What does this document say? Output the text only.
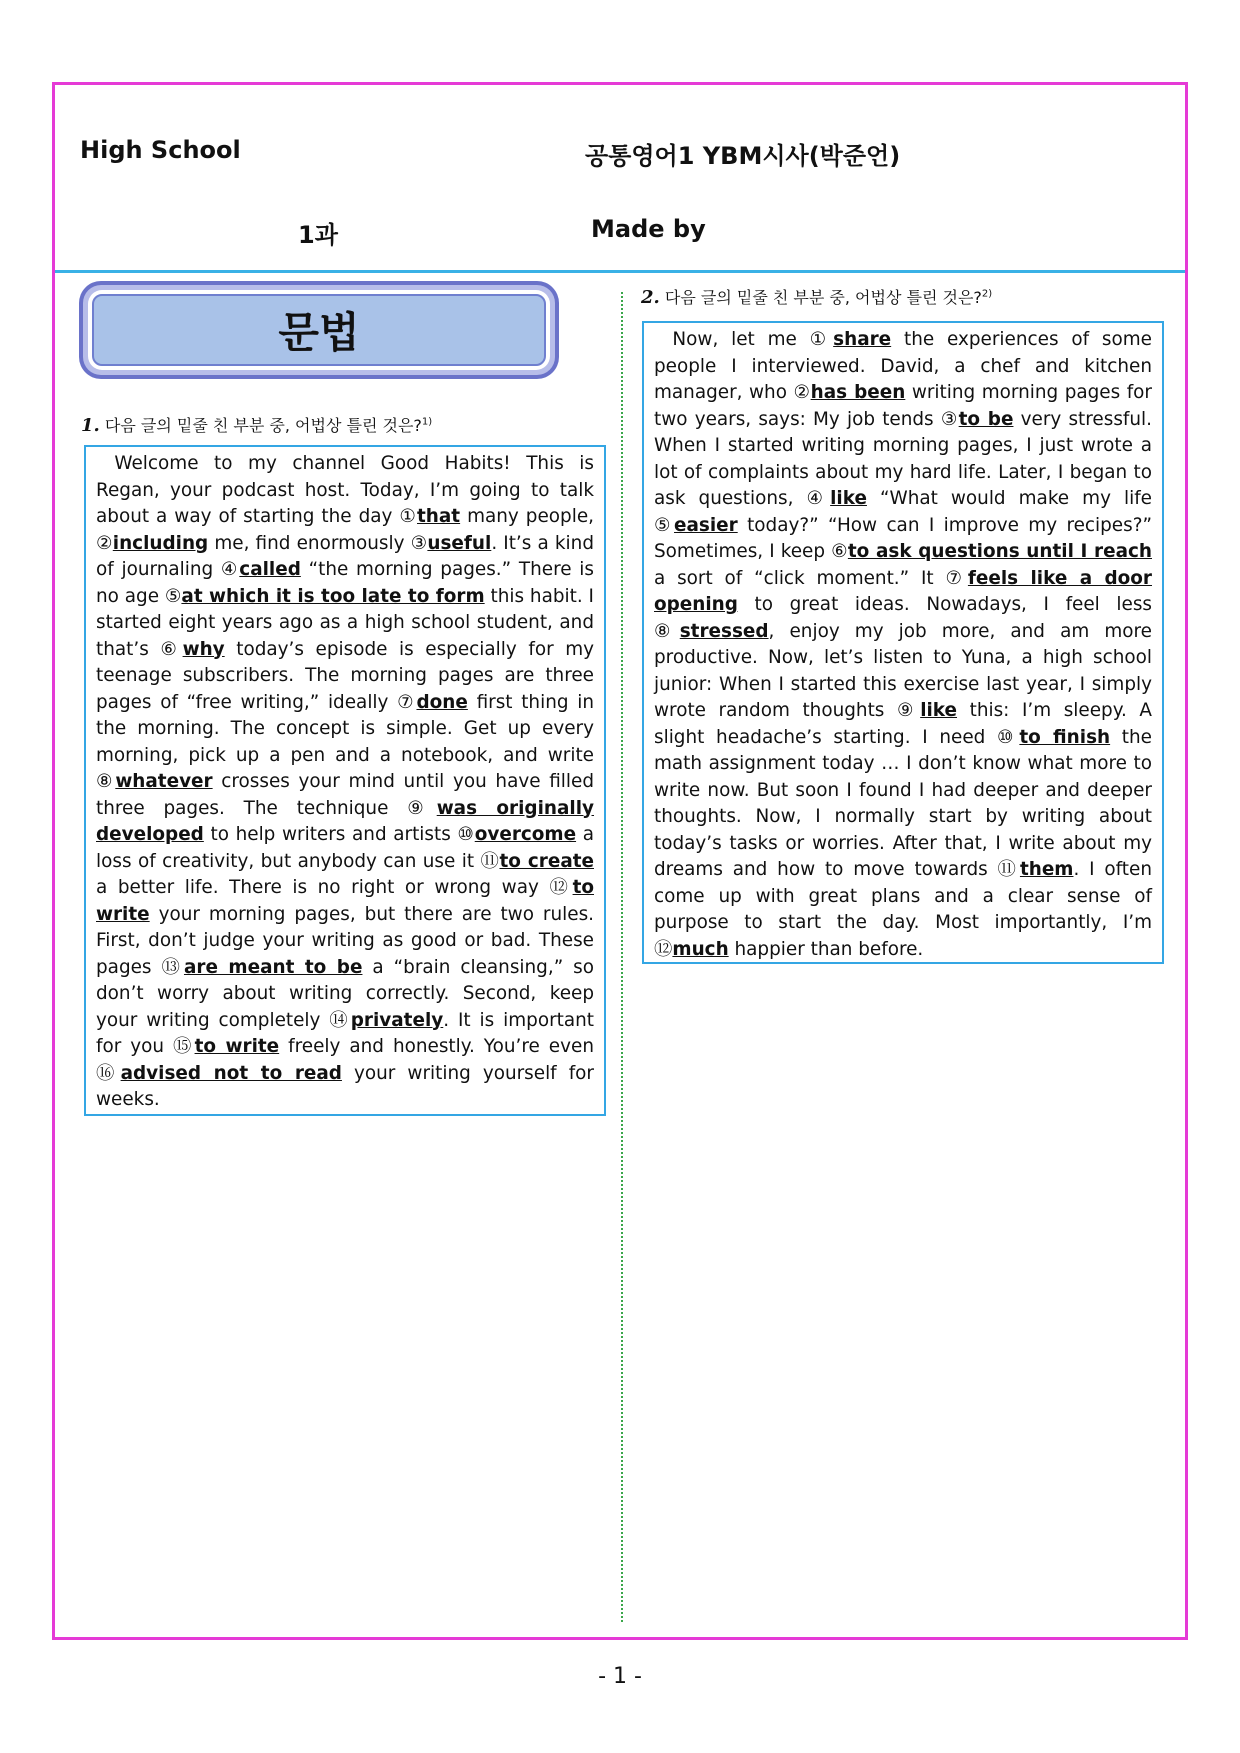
High School	공통영어1 YBM시사(박준언)
1과	Made by
문법
1. 다음 글의 밑줄 친 부분 중, 어법상 틀린 것은?$^{1)}$

Welcome to my channel Good Habits! This is Regan, your podcast host. Today, I’m going to talk about a way of starting the day ①that many people, ②including me, find enormously ③useful. It’s a kind of journaling ④called “the morning pages.” There is no age ⑤at which it is too late to form this habit. I started eight years ago as a high school student, and that’s ⑥why today’s episode is especially for my teenage subscribers. The morning pages are three pages of “free writing,” ideally ⑦done first thing in the morning. The concept is simple. Get up every morning, pick up a pen and a notebook, and write ⑧whatever crosses your mind until you have filled three pages. The technique ⑨was originally developed to help writers and artists ⑩overcome a loss of creativity, but anybody can use it ⑪to create a better life. There is no right or wrong way ⑫to write your morning pages, but there are two rules. First, don’t judge your writing as good or bad. These pages ⑬are meant to be a “brain cleansing,” so don’t worry about writing correctly. Second, keep your writing completely ⑭privately. It is important for you ⑮to write freely and honestly. You’re even ⑯advised not to read your writing yourself for weeks.

2. 다음 글의 밑줄 친 부분 중, 어법상 틀린 것은?$^{2)}$

Now, let me ①share the experiences of some people I interviewed. David, a chef and kitchen manager, who ②has been writing morning pages for two years, says: My job tends ③to be very stressful. When I started writing morning pages, I just wrote a lot of complaints about my hard life. Later, I began to ask questions, ④like “What would make my life ⑤easier today?” “How can I improve my recipes?” Sometimes, I keep ⑥to ask questions until I reach a sort of “click moment.” It ⑦feels like a door opening to great ideas. Nowadays, I feel less ⑧stressed, enjoy my job more, and am more productive. Now, let’s listen to Yuna, a high school junior: When I started this exercise last year, I simply wrote random thoughts ⑨like this: I’m sleepy. A slight headache’s starting. I need ⑩to finish the math assignment today … I don’t know what more to write now. But soon I found I had deeper and deeper thoughts. Now, I normally start by writing about today’s tasks or worries. After that, I write about my dreams and how to move towards ⑪them. I often come up with great plans and a clear sense of purpose to start the day. Most importantly, I’m ⑫much happier than before.

- 1 -
